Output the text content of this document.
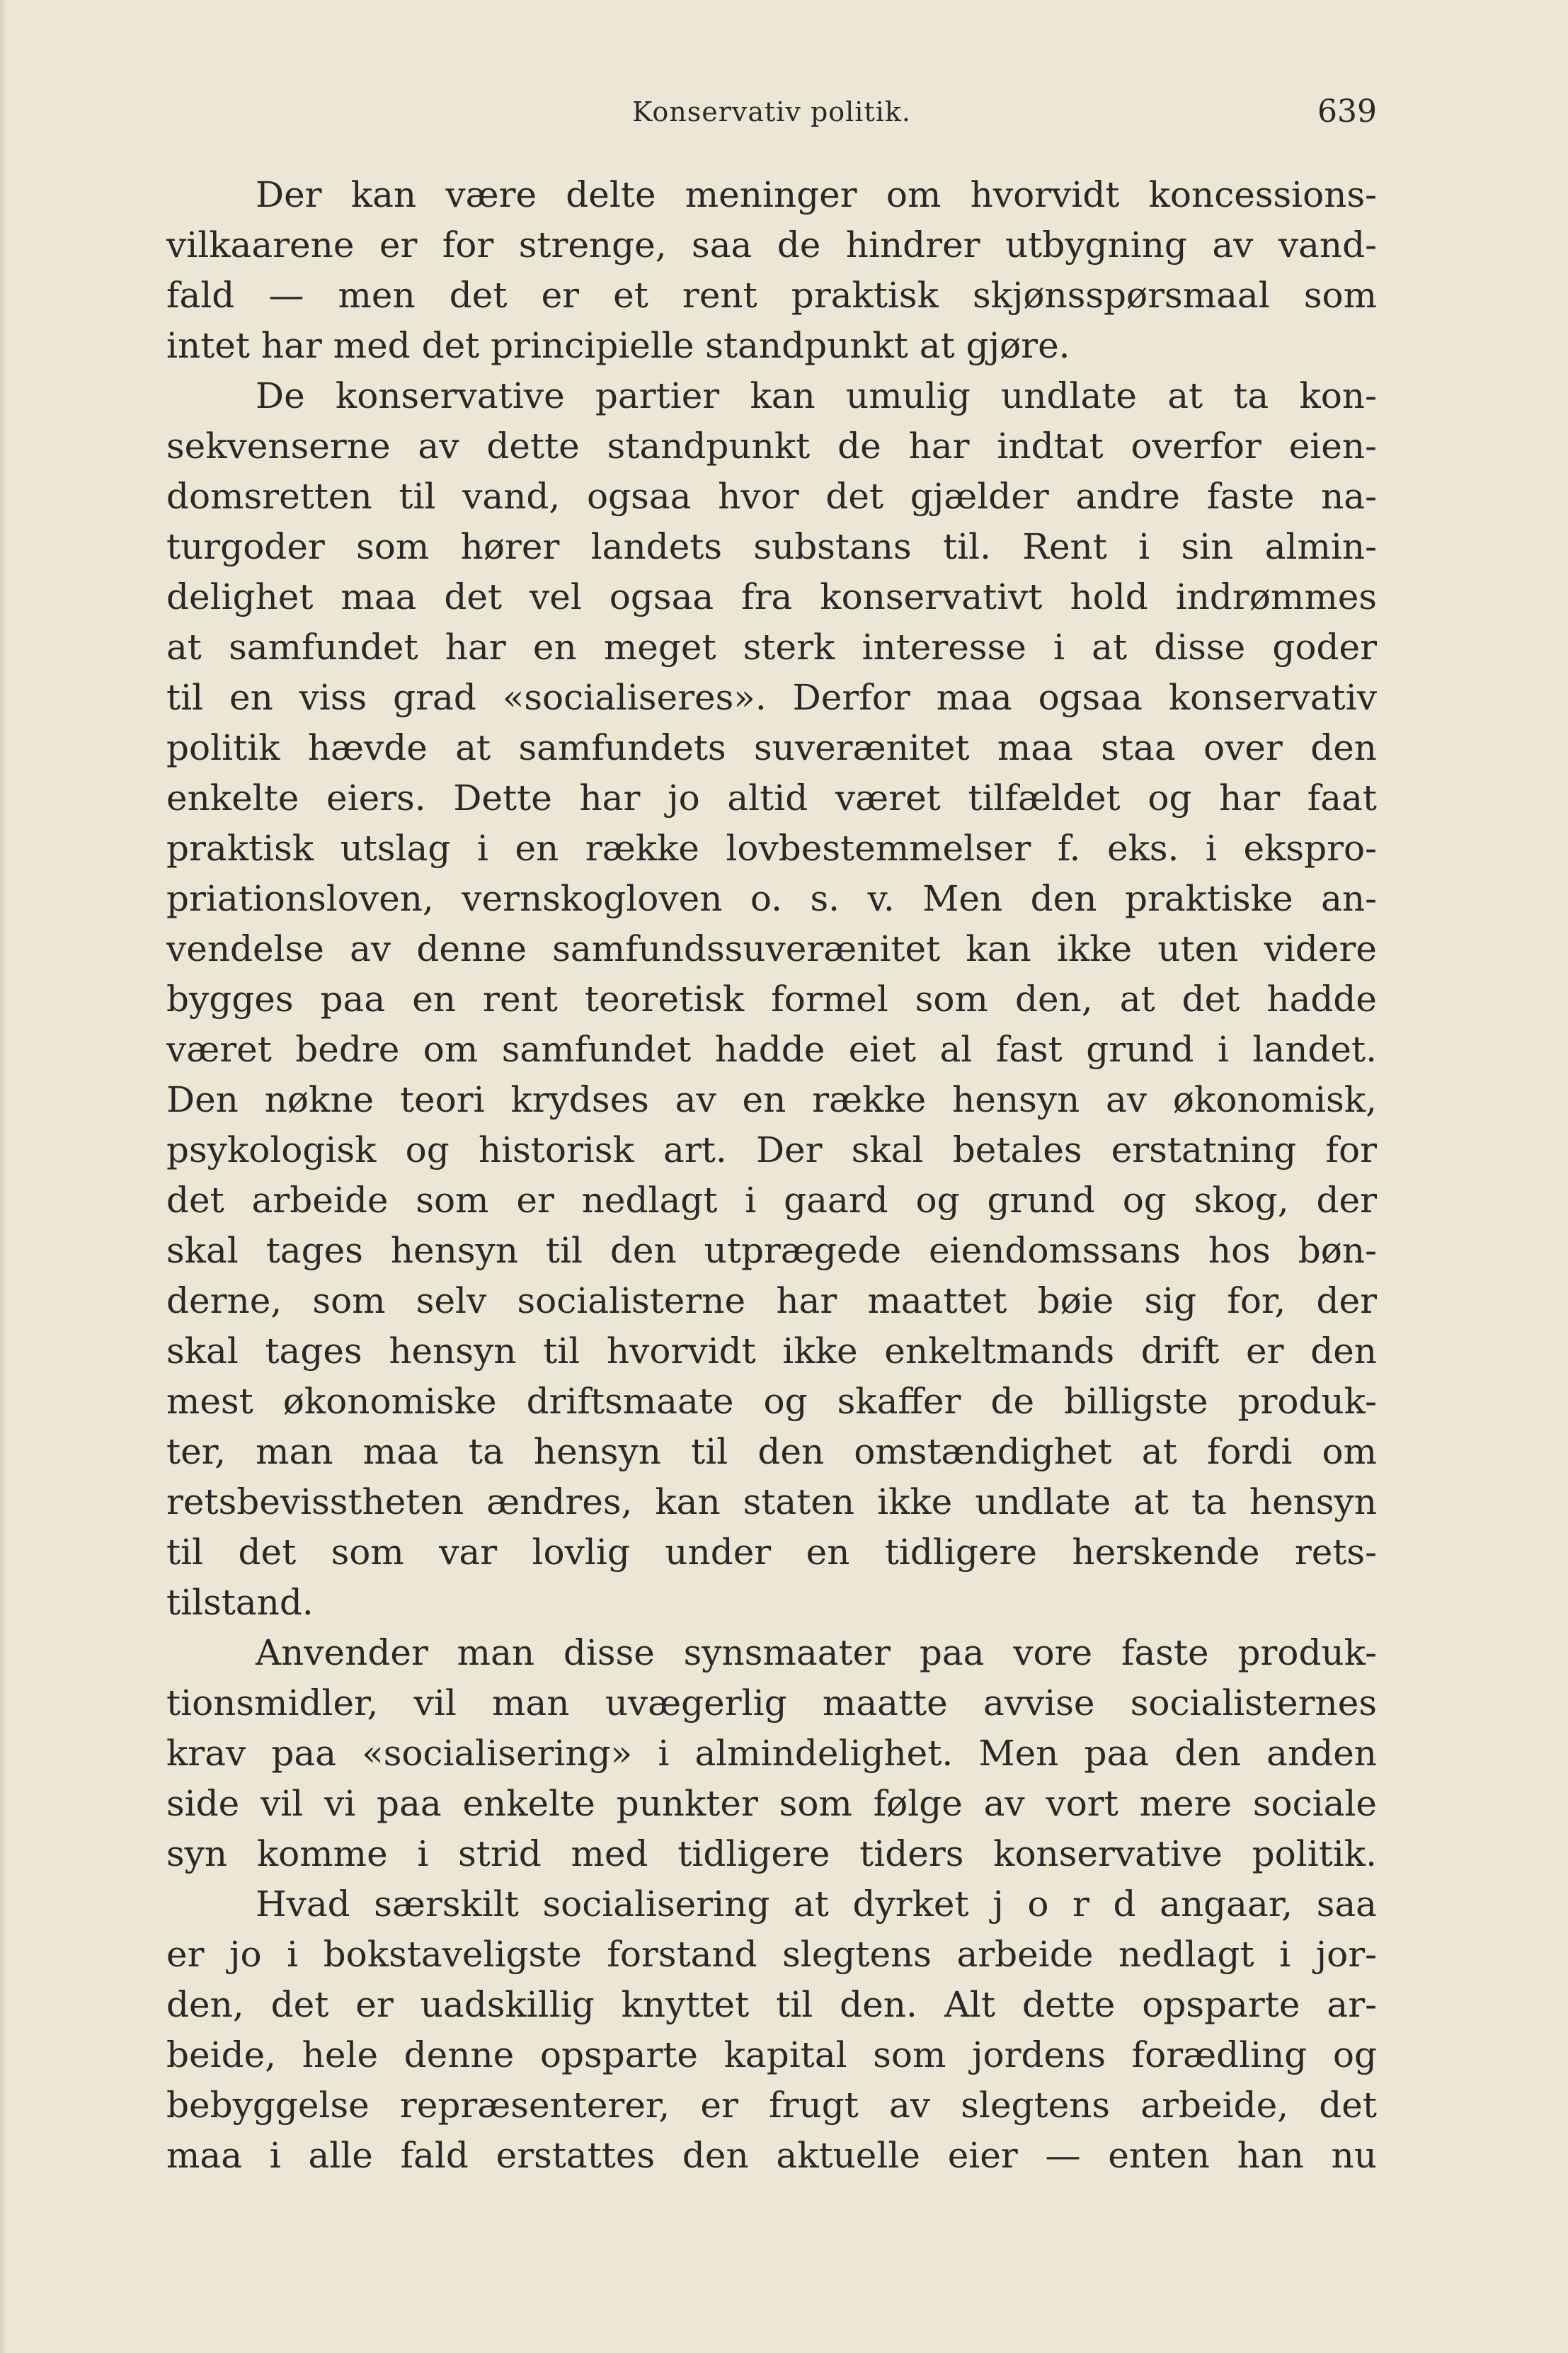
Konservativ politik.	639
Der kan være delte meninger om hvorvidt koncessions-
vilkaarene er for strenge, saa de hindrer utbygning av vand-
fald — men det er et rent praktisk skjønsspørsmaal som
intet har med det principielle standpunkt at gjøre.
De konservative partier kan umulig undlate at ta kon-
sekvenserne av dette standpunkt de har indtat overfor eien-
domsretten til vand, ogsaa hvor det gjælder andre faste na-
turgoder som hører landets substans til. Rent i sin almin-
delighet maa det vel ogsaa fra konservativt hold indrømmes
at samfundet har en meget sterk interesse i at disse goder
til en viss grad «socialiseres». Derfor maa ogsaa konservativ
politik hævde at samfundets suverænitet maa staa over den
enkelte eiers. Dette har jo altid været tilfældet og har faat
praktisk utslag i en række lovbestemmelser f. eks. i ekspro-
priationsloven, vernskogloven o. s. v. Men den praktiske an-
vendelse av denne samfundssuverænitet kan ikke uten videre
bygges paa en rent teoretisk formel som den, at det hadde
været bedre om samfundet hadde eiet al fast grund i landet.
Den nøkne teori krydses av en række hensyn av økonomisk,
psykologisk og historisk art. Der skal betales erstatning for
det arbeide som er nedlagt i gaard og grund og skog, der
skal tages hensyn til den utprægede eiendomssans hos bøn-
derne, som selv socialisterne har maattet bøie sig for, der
skal tages hensyn til hvorvidt ikke enkeltmands drift er den
mest økonomiske driftsmaate og skaffer de billigste produk-
ter, man maa ta hensyn til den omstændighet at fordi om
retsbevisstheten ændres, kan staten ikke undlate at ta hensyn
til det som var lovlig under en tidligere herskende rets-
tilstand.
Anvender man disse synsmaater paa vore faste produk-
tionsmidler, vil man uvægerlig maatte avvise socialisternes
krav paa «socialisering» i almindelighet. Men paa den anden
side vil vi paa enkelte punkter som følge av vort mere sociale
syn komme i strid med tidligere tiders konservative politik.
Hvad særskilt socialisering at dyrket j o r d angaar, saa
er jo i bokstaveligste forstand slegtens arbeide nedlagt i jor-
den, det er uadskillig knyttet til den. Alt dette opsparte ar-
beide, hele denne opsparte kapital som jordens forædling og
bebyggelse repræsenterer, er frugt av slegtens arbeide, det
maa i alle fald erstattes den aktuelle eier — enten han nu
